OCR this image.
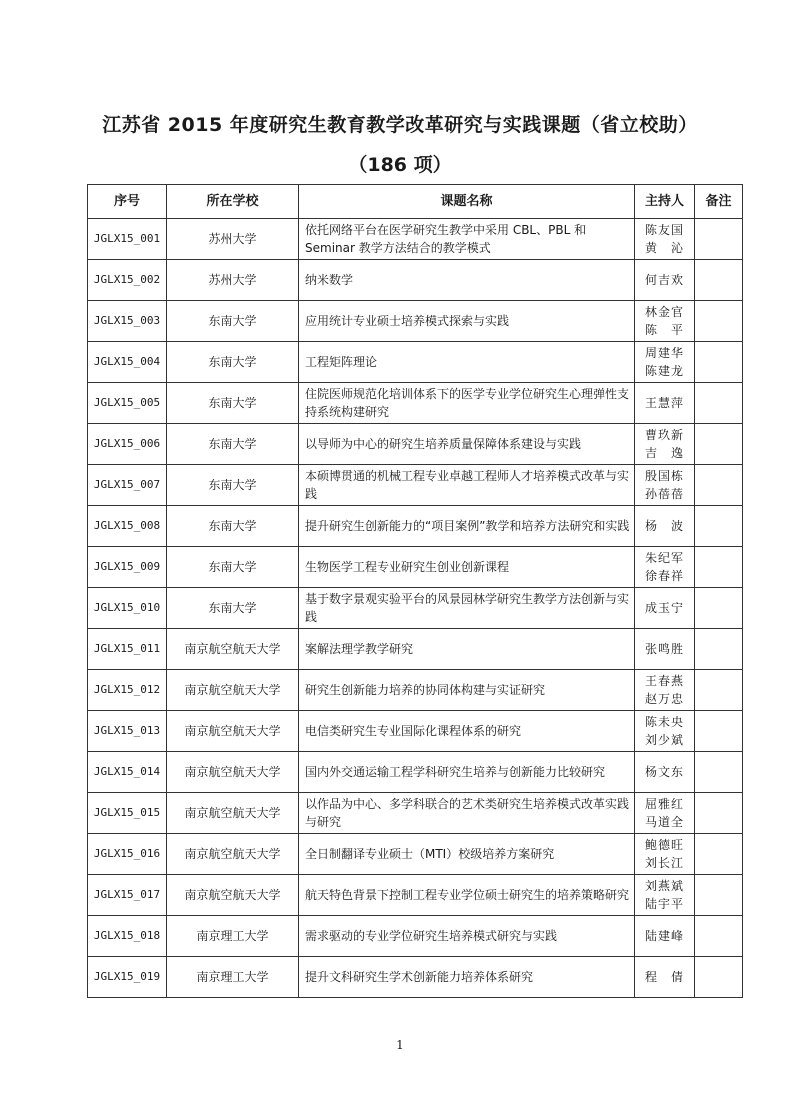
江苏省 2015 年度研究生教育教学改革研究与实践课题（省立校助）
（186 项）
序号	所在学校	课题名称	主持人	备注
JGLX15_001	苏州大学	依托网络平台在医学研究生教学中采用 CBL、PBL 和 Seminar 教学方法结合的教学模式	陈友国
黄　沁	
JGLX15_002	苏州大学	纳米数学	何吉欢	
JGLX15_003	东南大学	应用统计专业硕士培养模式探索与实践	林金官
陈　平	
JGLX15_004	东南大学	工程矩阵理论	周建华
陈建龙	
JGLX15_005	东南大学	住院医师规范化培训体系下的医学专业学位研究生心理弹性支持系统构建研究	王慧萍	
JGLX15_006	东南大学	以导师为中心的研究生培养质量保障体系建设与实践	曹玖新
吉　逸	
JGLX15_007	东南大学	本硕博贯通的机械工程专业卓越工程师人才培养模式改革与实践	殷国栋
孙蓓蓓	
JGLX15_008	东南大学	提升研究生创新能力的“项目案例”教学和培养方法研究和实践	杨　波	
JGLX15_009	东南大学	生物医学工程专业研究生创业创新课程	朱纪军
徐春祥	
JGLX15_010	东南大学	基于数字景观实验平台的风景园林学研究生教学方法创新与实践	成玉宁	
JGLX15_011	南京航空航天大学	案解法理学教学研究	张鸣胜	
JGLX15_012	南京航空航天大学	研究生创新能力培养的协同体构建与实证研究	王春燕
赵万忠	
JGLX15_013	南京航空航天大学	电信类研究生专业国际化课程体系的研究	陈未央
刘少斌	
JGLX15_014	南京航空航天大学	国内外交通运输工程学科研究生培养与创新能力比较研究	杨文东	
JGLX15_015	南京航空航天大学	以作品为中心、多学科联合的艺术类研究生培养模式改革实践与研究	屈雅红
马道全	
JGLX15_016	南京航空航天大学	全日制翻译专业硕士（MTI）校级培养方案研究	鲍德旺
刘长江	
JGLX15_017	南京航空航天大学	航天特色背景下控制工程专业学位硕士研究生的培养策略研究	刘燕斌
陆宇平	
JGLX15_018	南京理工大学	需求驱动的专业学位研究生培养模式研究与实践	陆建峰	
JGLX15_019	南京理工大学	提升文科研究生学术创新能力培养体系研究	程　倩	
1
